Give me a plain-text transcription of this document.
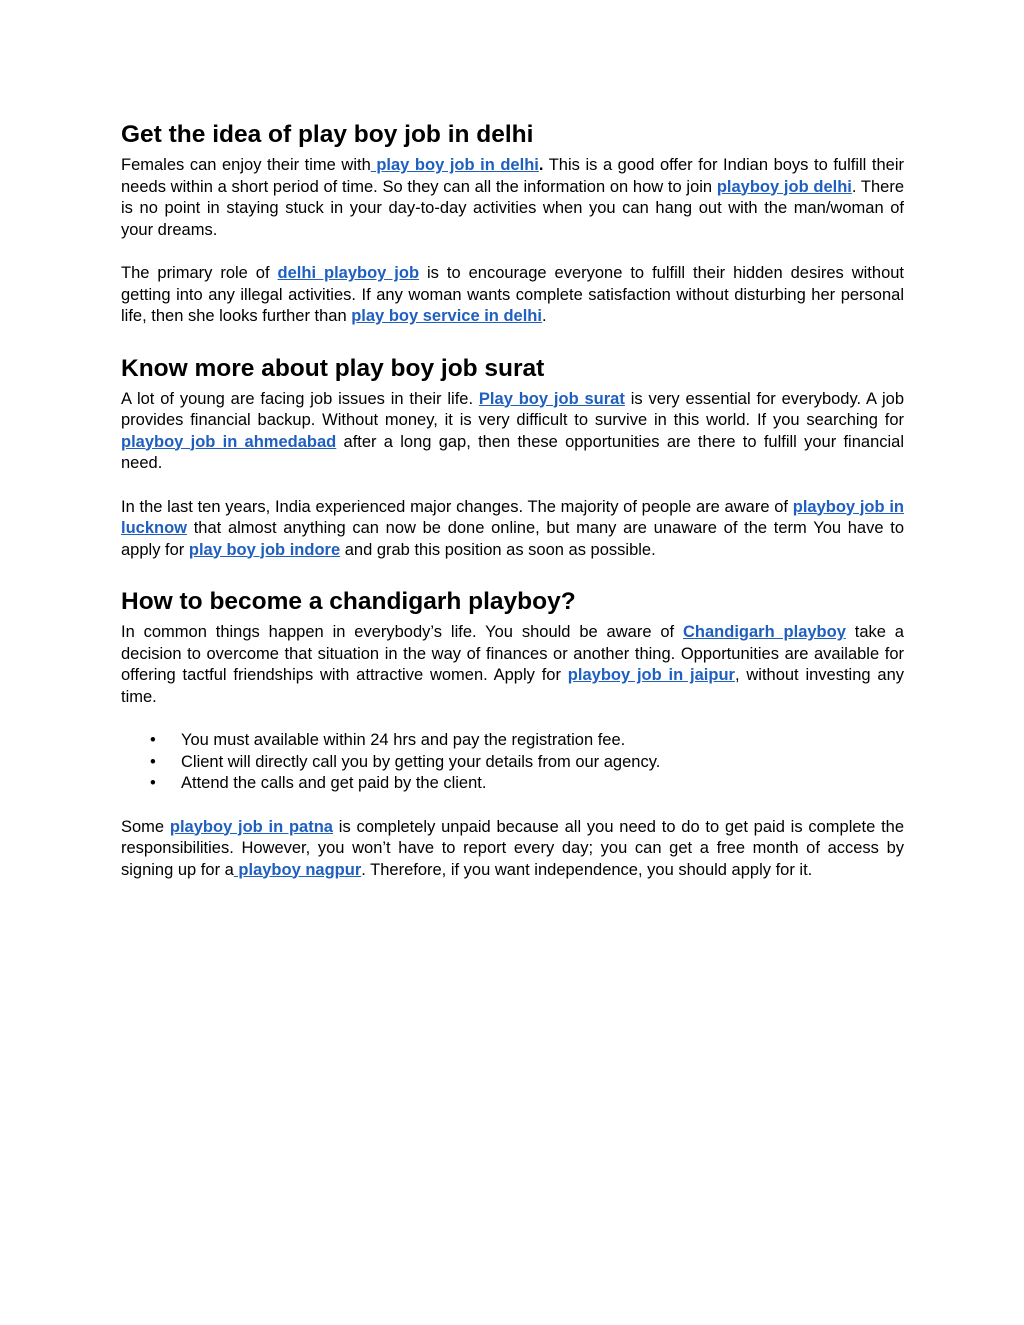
Get the idea of play boy job in delhi

Females can enjoy their time with play boy job in delhi. This is a good offer for Indian boys to fulfill their needs within a short period of time. So they can all the information on how to join playboy job delhi. There is no point in staying stuck in your day-to-day activities when you can hang out with the man/woman of your dreams.

The primary role of delhi playboy job is to encourage everyone to fulfill their hidden desires without getting into any illegal activities. If any woman wants complete satisfaction without disturbing her personal life, then she looks further than play boy service in delhi.

Know more about play boy job surat

A lot of young are facing job issues in their life. Play boy job surat is very essential for everybody. A job provides financial backup. Without money, it is very difficult to survive in this world. If you searching for playboy job in ahmedabad after a long gap, then these opportunities are there to fulfill your financial need.

In the last ten years, India experienced major changes. The majority of people are aware of playboy job in lucknow that almost anything can now be done online, but many are unaware of the term You have to apply for play boy job indore and grab this position as soon as possible.

How to become a chandigarh playboy?

In common things happen in everybody’s life. You should be aware of Chandigarh playboy take a decision to overcome that situation in the way of finances or another thing. Opportunities are available for offering tactful friendships with attractive women. Apply for playboy job in jaipur, without investing any time.

• You must available within 24 hrs and pay the registration fee.
• Client will directly call you by getting your details from our agency.
• Attend the calls and get paid by the client.

Some playboy job in patna is completely unpaid because all you need to do to get paid is complete the responsibilities. However, you won’t have to report every day; you can get a free month of access by signing up for a playboy nagpur. Therefore, if you want independence, you should apply for it.
